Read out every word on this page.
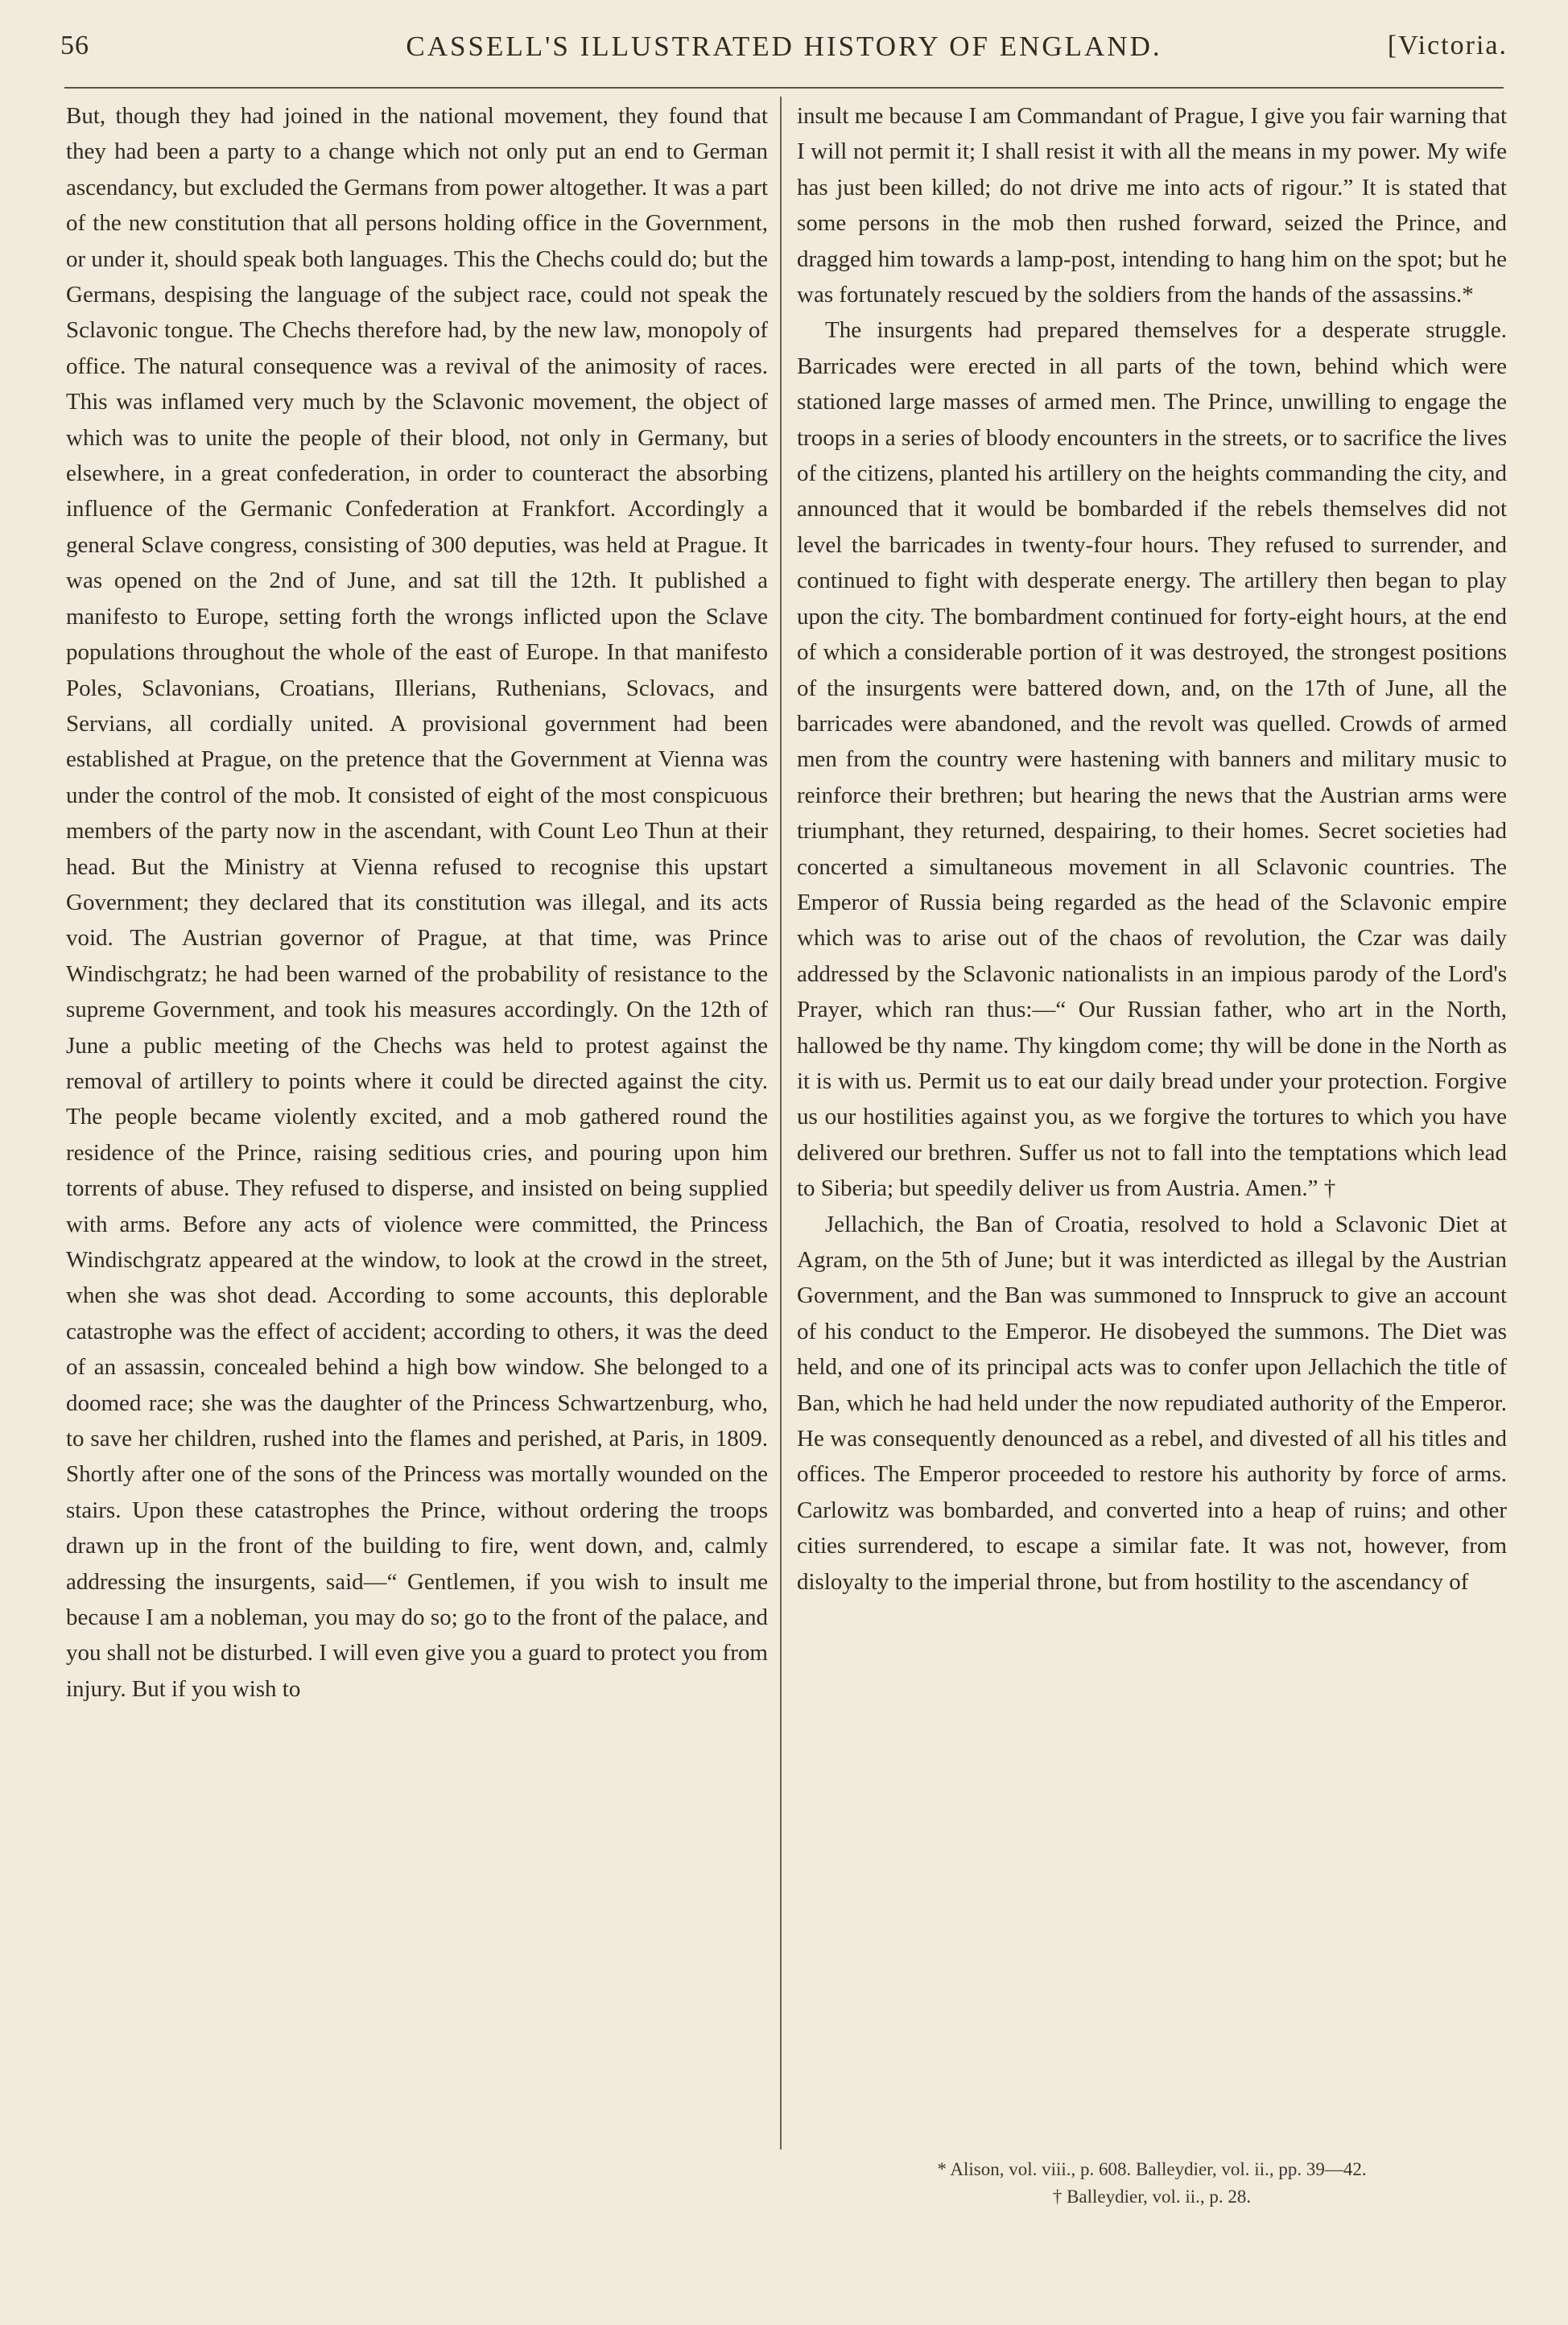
56	CASSELL'S ILLUSTRATED HISTORY OF ENGLAND.	[Victoria.

But, though they had joined in the national movement, they found that they had been a party to a change which not only put an end to German ascendancy, but excluded the Germans from power altogether. It was a part of the new constitution that all persons holding office in the Government, or under it, should speak both languages. This the Chechs could do; but the Germans, despising the language of the subject race, could not speak the Sclavonic tongue. The Chechs therefore had, by the new law, monopoly of office. The natural consequence was a revival of the animosity of races. This was inflamed very much by the Sclavonic movement, the object of which was to unite the people of their blood, not only in Germany, but elsewhere, in a great confederation, in order to counteract the absorbing influence of the Germanic Confederation at Frankfort. Accordingly a general Sclave congress, consisting of 300 deputies, was held at Prague. It was opened on the 2nd of June, and sat till the 12th. It published a manifesto to Europe, setting forth the wrongs inflicted upon the Sclave populations throughout the whole of the east of Europe. In that manifesto Poles, Sclavonians, Croatians, Illerians, Ruthenians, Sclovacs, and Servians, all cordially united. A provisional government had been established at Prague, on the pretence that the Government at Vienna was under the control of the mob. It consisted of eight of the most conspicuous members of the party now in the ascendant, with Count Leo Thun at their head. But the Ministry at Vienna refused to recognise this upstart Government; they declared that its constitution was illegal, and its acts void. The Austrian governor of Prague, at that time, was Prince Windischgratz; he had been warned of the probability of resistance to the supreme Government, and took his measures accordingly. On the 12th of June a public meeting of the Chechs was held to protest against the removal of artillery to points where it could be directed against the city. The people became violently excited, and a mob gathered round the residence of the Prince, raising seditious cries, and pouring upon him torrents of abuse. They refused to disperse, and insisted on being supplied with arms. Before any acts of violence were committed, the Princess Windischgratz appeared at the window, to look at the crowd in the street, when she was shot dead. According to some accounts, this deplorable catastrophe was the effect of accident; according to others, it was the deed of an assassin, concealed behind a high bow window. She belonged to a doomed race; she was the daughter of the Princess Schwartzenburg, who, to save her children, rushed into the flames and perished, at Paris, in 1809. Shortly after one of the sons of the Princess was mortally wounded on the stairs. Upon these catastrophes the Prince, without ordering the troops drawn up in the front of the building to fire, went down, and, calmly addressing the insurgents, said—“ Gentlemen, if you wish to insult me because I am a nobleman, you may do so; go to the front of the palace, and you shall not be disturbed. I will even give you a guard to protect you from injury. But if you wish to

insult me because I am Commandant of Prague, I give you fair warning that I will not permit it; I shall resist it with all the means in my power. My wife has just been killed; do not drive me into acts of rigour.” It is stated that some persons in the mob then rushed forward, seized the Prince, and dragged him towards a lamp-post, intending to hang him on the spot; but he was fortunately rescued by the soldiers from the hands of the assassins.*

The insurgents had prepared themselves for a desperate struggle. Barricades were erected in all parts of the town, behind which were stationed large masses of armed men. The Prince, unwilling to engage the troops in a series of bloody encounters in the streets, or to sacrifice the lives of the citizens, planted his artillery on the heights commanding the city, and announced that it would be bombarded if the rebels themselves did not level the barricades in twenty-four hours. They refused to surrender, and continued to fight with desperate energy. The artillery then began to play upon the city. The bombardment continued for forty-eight hours, at the end of which a considerable portion of it was destroyed, the strongest positions of the insurgents were battered down, and, on the 17th of June, all the barricades were abandoned, and the revolt was quelled. Crowds of armed men from the country were hastening with banners and military music to reinforce their brethren; but hearing the news that the Austrian arms were triumphant, they returned, despairing, to their homes. Secret societies had concerted a simultaneous movement in all Sclavonic countries. The Emperor of Russia being regarded as the head of the Sclavonic empire which was to arise out of the chaos of revolution, the Czar was daily addressed by the Sclavonic nationalists in an impious parody of the Lord's Prayer, which ran thus:—“ Our Russian father, who art in the North, hallowed be thy name. Thy kingdom come; thy will be done in the North as it is with us. Permit us to eat our daily bread under your protection. Forgive us our hostilities against you, as we forgive the tortures to which you have delivered our brethren. Suffer us not to fall into the temptations which lead to Siberia; but speedily deliver us from Austria. Amen.” †

Jellachich, the Ban of Croatia, resolved to hold a Sclavonic Diet at Agram, on the 5th of June; but it was interdicted as illegal by the Austrian Government, and the Ban was summoned to Innspruck to give an account of his conduct to the Emperor. He disobeyed the summons. The Diet was held, and one of its principal acts was to confer upon Jellachich the title of Ban, which he had held under the now repudiated authority of the Emperor. He was consequently denounced as a rebel, and divested of all his titles and offices. The Emperor proceeded to restore his authority by force of arms. Carlowitz was bombarded, and converted into a heap of ruins; and other cities surrendered, to escape a similar fate. It was not, however, from disloyalty to the imperial throne, but from hostility to the ascendancy of

* Alison, vol. viii., p. 608. Balleydier, vol. ii., pp. 39—42.
† Balleydier, vol. ii., p. 28.
